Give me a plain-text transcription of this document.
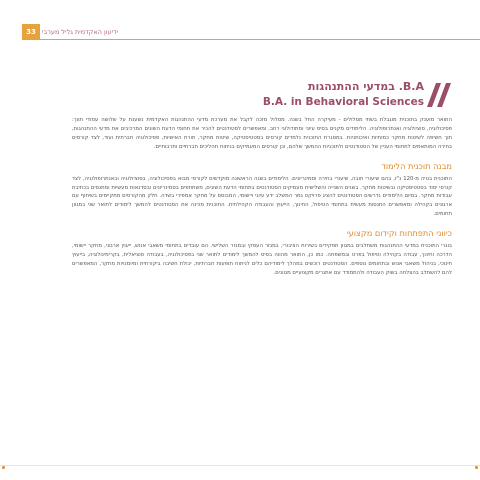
33 ידיעון האקדמית גליל מערבי
B.A. במדעי ההתנהגות
B.A. in Behavioral Sciences

התואר מוענק בתוכנית מוגבלת בשתי מסלולים - מעיקרה החל בשנה. מסלול מזכה לקבל את מערכת מדעי ההתנהגות האקדמית נשענת על שלושה עמודי תווך: פסיכולוגיה, סוציולוגיה ואנתרופולוגיה. הלימודים מקנים בסיס עיוני ומתודולוגי רחב, ומאפשרים לסטודנטים להכיר את תחומי הדעת השונים המרכיבים את מדעי ההתנהגות, תוך חשיפה לשיטות מחקר כמותיות ואיכותניות. במסגרת התוכנית נלמדים קורסים בסטטיסטיקה, שיטות מחקר, תורת האישיות, פסיכולוגיה חברתית ועוד, לצד קורסים בחירה המותאמים לתחומי העניין של הסטודנטים ולתוכניות ההמשך שלהם, וכן קורסים המעמיקים בניתוח תהליכים חברתיים ותרבותיים.

מבנה תוכנית הלימוד

התוכנית בנויה מ-120 נ"ז, בהם שיעורי חובה, שיעורי בחירה וסמינריונים. הלימודים בשנה הראשונה מוקדשים לקורסי מבוא בפסיכולוגיה, בסוציולוגיה ובאנתרופולוגיה, לצד קורסי יסוד בסטטיסטיקה ובשיטות מחקר. בשנים השנייה והשלישית מעמיקים הסטודנטים בתחומי הדעת השונים, משתתפים בסמינריונים ובסדנאות מעשיות ומתנסים בכתיבת עבודות מחקר. בסיום הלימודים נדרשים הסטודנטים להציג פרויקט גמר המשלב ידע עיוני ויישומי, המבוסס על מחקר אמפירי בשדה. חלק מהקורסים מתקיימים בשיתוף עם ארגונים בקהילה ומאפשרים התנסות מעשית בתחומי הטיפול, החינוך, הייעוץ והעבודה הקהילתית. התוכנית מכינה את הסטודנטים להמשך לימודים לתואר שני במגוון תחומים.

כיווני התפתחות וקידום מקצועי

בוגרי התוכנית במדעי ההתנהגות משתלבים במגוון תפקידים בשירות הציבורי, במגזר העסקי ובמגזר השלישי. הם עובדים בתחומי משאבי אנוש, ייעוץ ארגוני, מחקר יישומי, הדרכה וחינוך, עבודה בקהילה וטיפול בפרט ובמשפחה. כמו כן, התואר מהווה בסיס להמשך לימודים לתואר שני בפסיכולוגיה, בעבודה סוציאלית, בקרימינולוגיה, בייעוץ חינוכי, בניהול משאבי אנוש ובתחומים נוספים. הסטודנטים רוכשים במהלך לימודיהם כלים לניתוח תופעות חברתיות, יכולת חשיבה ביקורתית ומיומנויות מחקר, המאפשרים להם להשתלב בהצלחה בשוק העבודה ולהתמודד עם אתגרים מקצועיים מגוונים.
